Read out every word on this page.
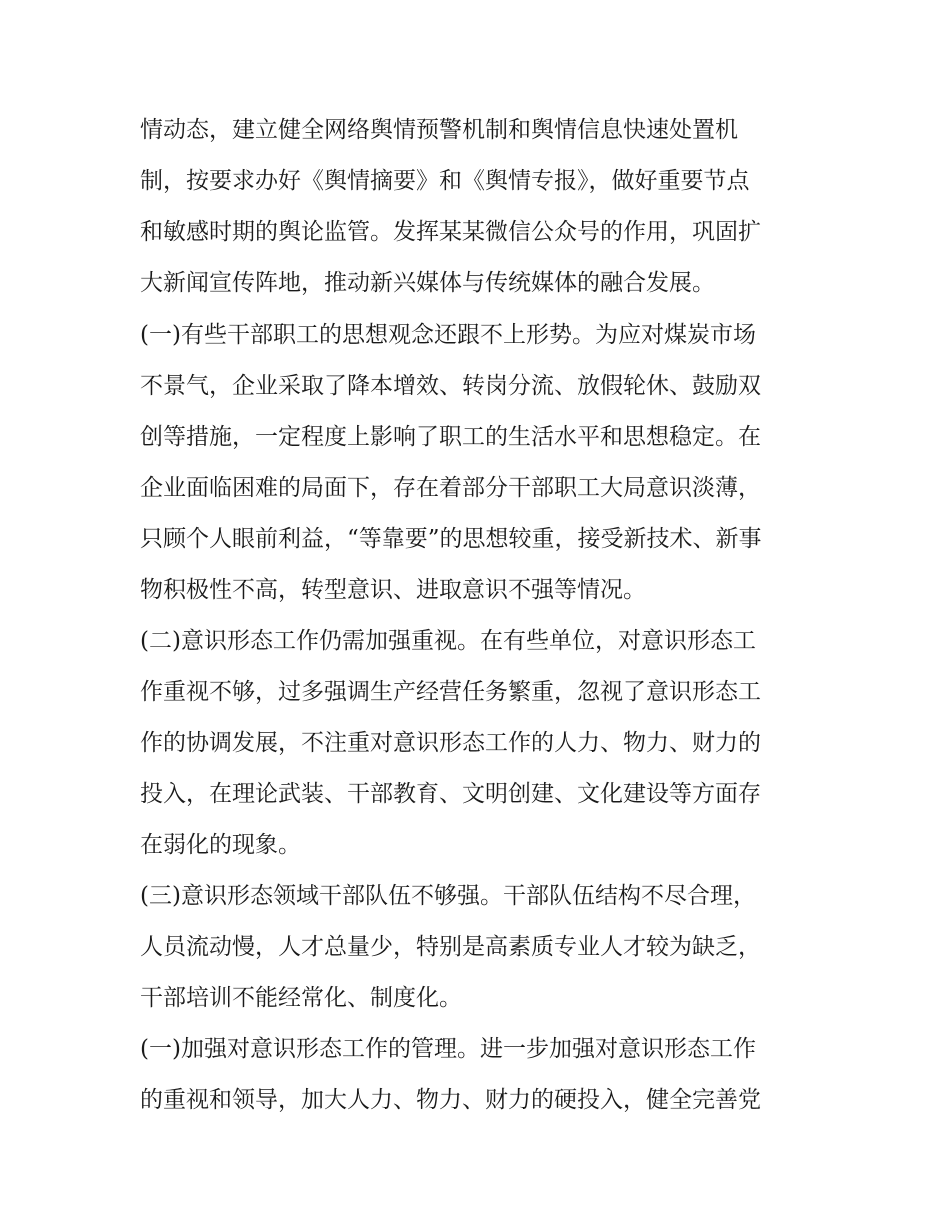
情动态，建立健全网络舆情预警机制和舆情信息快速处置机
制，按要求办好《舆情摘要》和《舆情专报》，做好重要节点
和敏感时期的舆论监管。发挥某某微信公众号的作用，巩固扩
大新闻宣传阵地，推动新兴媒体与传统媒体的融合发展。
(一)有些干部职工的思想观念还跟不上形势。为应对煤炭市场
不景气，企业采取了降本增效、转岗分流、放假轮休、鼓励双
创等措施，一定程度上影响了职工的生活水平和思想稳定。在
企业面临困难的局面下，存在着部分干部职工大局意识淡薄，
只顾个人眼前利益，“等靠要”的思想较重，接受新技术、新事
物积极性不高，转型意识、进取意识不强等情况。
(二)意识形态工作仍需加强重视。在有些单位，对意识形态工
作重视不够，过多强调生产经营任务繁重，忽视了意识形态工
作的协调发展，不注重对意识形态工作的人力、物力、财力的
投入，在理论武装、干部教育、文明创建、文化建设等方面存
在弱化的现象。
(三)意识形态领域干部队伍不够强。干部队伍结构不尽合理，
人员流动慢，人才总量少，特别是高素质专业人才较为缺乏，
干部培训不能经常化、制度化。
(一)加强对意识形态工作的管理。进一步加强对意识形态工作
的重视和领导，加大人力、物力、财力的硬投入，健全完善党
